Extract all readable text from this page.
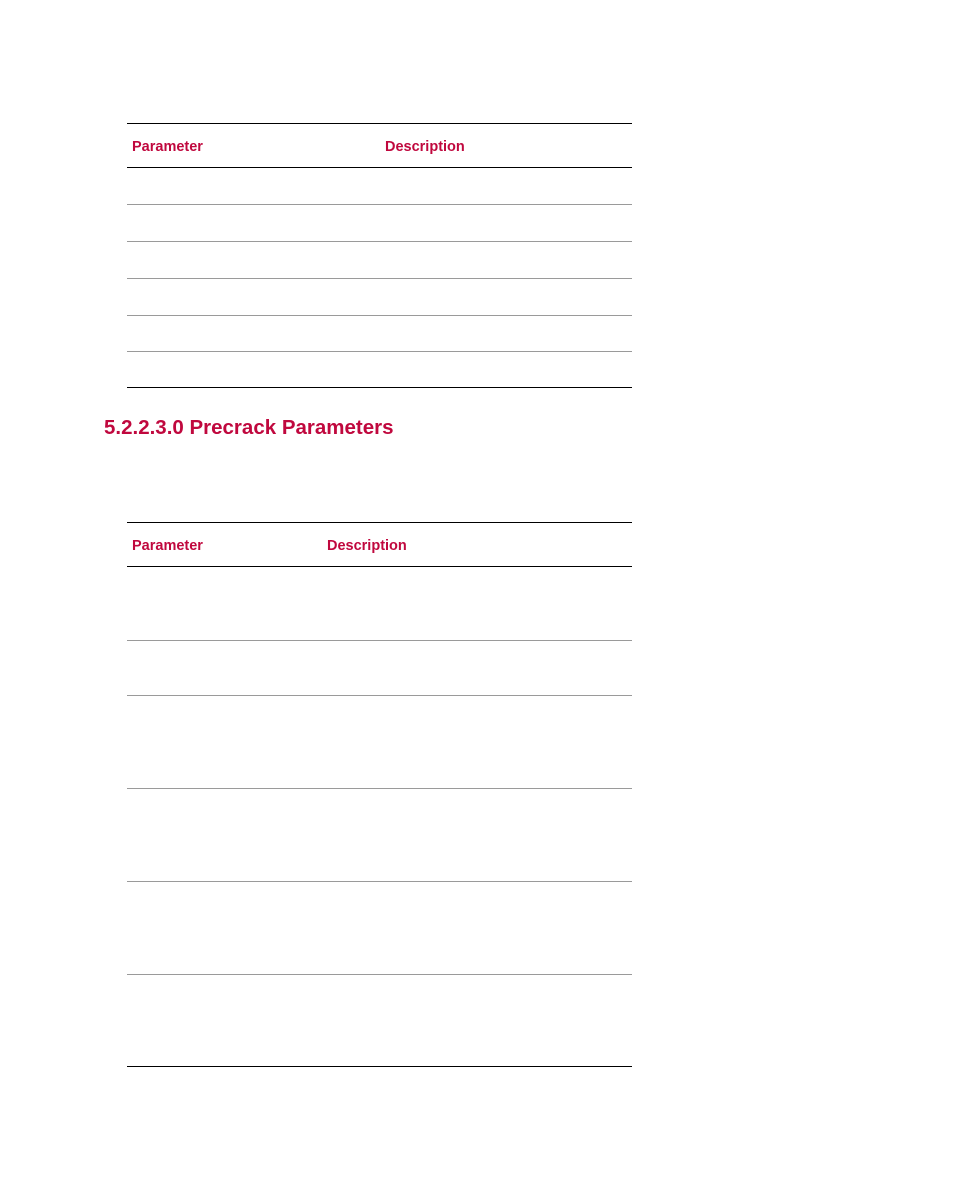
Parameter	Description
5.2.2.3.0 Precrack Parameters
Parameter	Description
